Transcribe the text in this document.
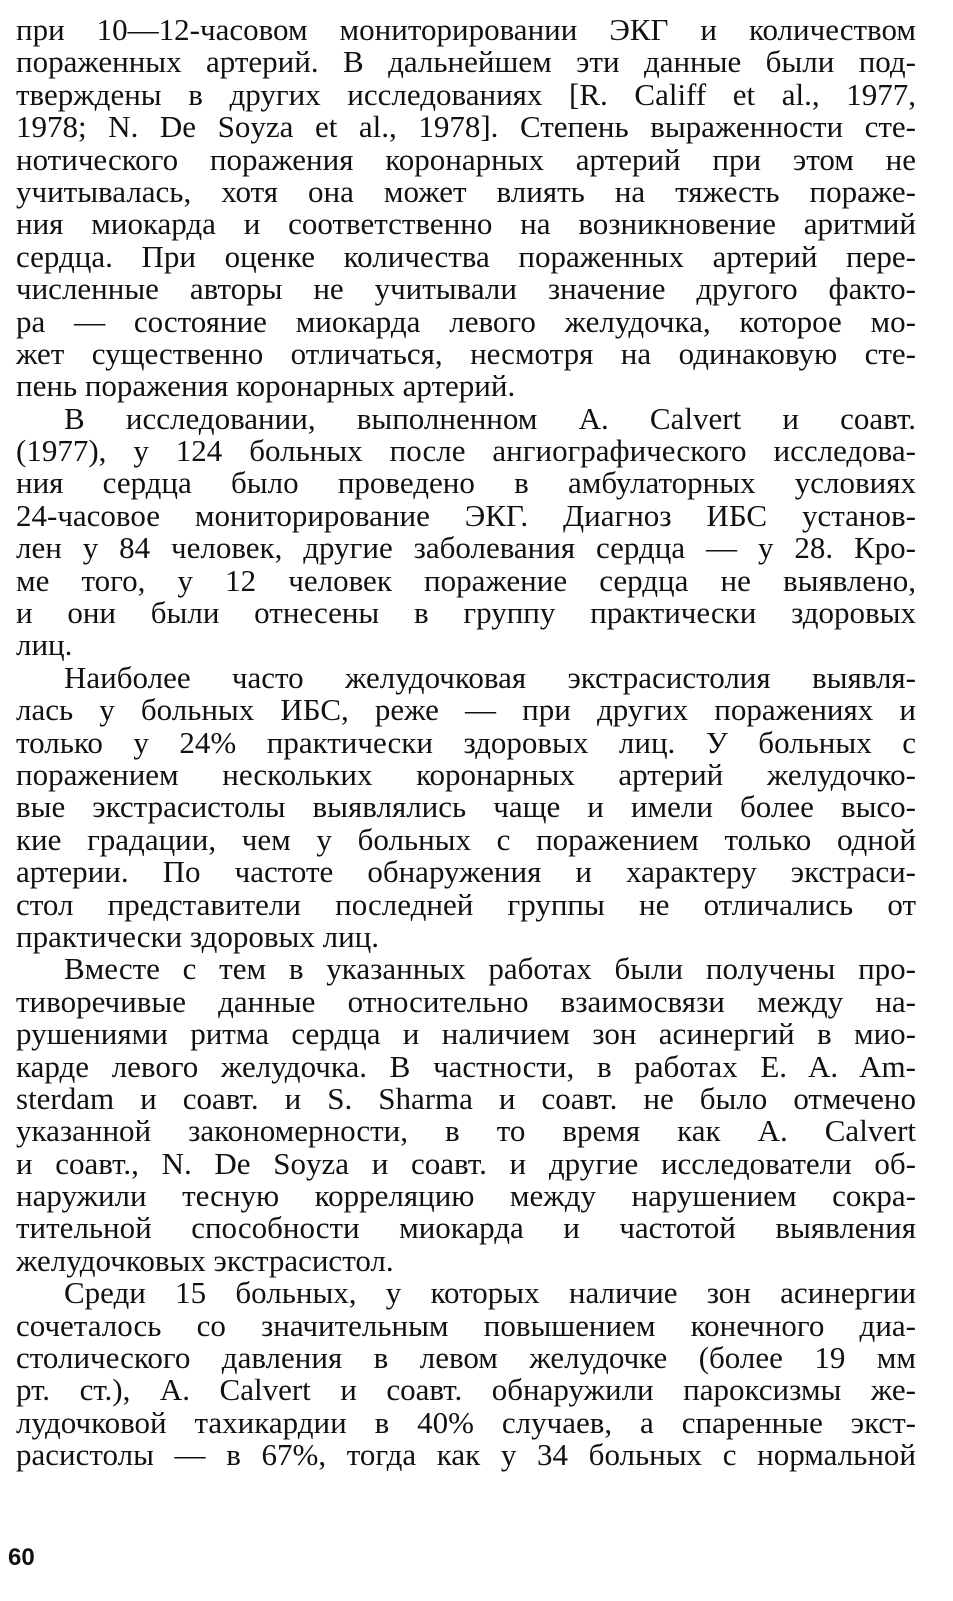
при 10—12-часовом мониторировании ЭКГ и количеством
пораженных артерий. В дальнейшем эти данные были под-
тверждены в других исследованиях [R. Califf et al., 1977,
1978; N. De Soyza et al., 1978]. Степень выраженности сте-
нотического поражения коронарных артерий при этом не
учитывалась, хотя она может влиять на тяжесть пораже-
ния миокарда и соответственно на возникновение аритмий
сердца. При оценке количества пораженных артерий пере-
численные авторы не учитывали значение другого факто-
ра — состояние миокарда левого желудочка, которое мо-
жет существенно отличаться, несмотря на одинаковую сте-
пень поражения коронарных артерий.
В исследовании, выполненном А. Calvert и соавт.
(1977), у 124 больных после ангиографического исследова-
ния сердца было проведено в амбулаторных условиях
24-часовое мониторирование ЭКГ. Диагноз ИБС установ-
лен у 84 человек, другие заболевания сердца — у 28. Кро-
ме того, у 12 человек поражение сердца не выявлено,
и они были отнесены в группу практически здоровых
лиц.
Наиболее часто желудочковая экстрасистолия выявля-
лась у больных ИБС, реже — при других поражениях и
только у 24% практически здоровых лиц. У больных с
поражением нескольких коронарных артерий желудочко-
вые экстрасистолы выявлялись чаще и имели более высо-
кие градации, чем у больных с поражением только одной
артерии. По частоте обнаружения и характеру экстраси-
стол представители последней группы не отличались от
практически здоровых лиц.
Вместе с тем в указанных работах были получены про-
тиворечивые данные относительно взаимосвязи между на-
рушениями ритма сердца и наличием зон асинергий в мио-
карде левого желудочка. В частности, в работах E. A. Am-
sterdam и соавт. и S. Sharma и соавт. не было отмечено
указанной закономерности, в то время как А. Calvert
и соавт., N. De Soyza и соавт. и другие исследователи об-
наружили тесную корреляцию между нарушением сокра-
тительной способности миокарда и частотой выявления
желудочковых экстрасистол.
Среди 15 больных, у которых наличие зон асинергии
сочеталось со значительным повышением конечного диа-
столического давления в левом желудочке (более 19 мм
рт. ст.), A. Calvert и соавт. обнаружили пароксизмы же-
лудочковой тахикардии в 40% случаев, а спаренные экст-
расистолы — в 67%, тогда как у 34 больных с нормальной
60
